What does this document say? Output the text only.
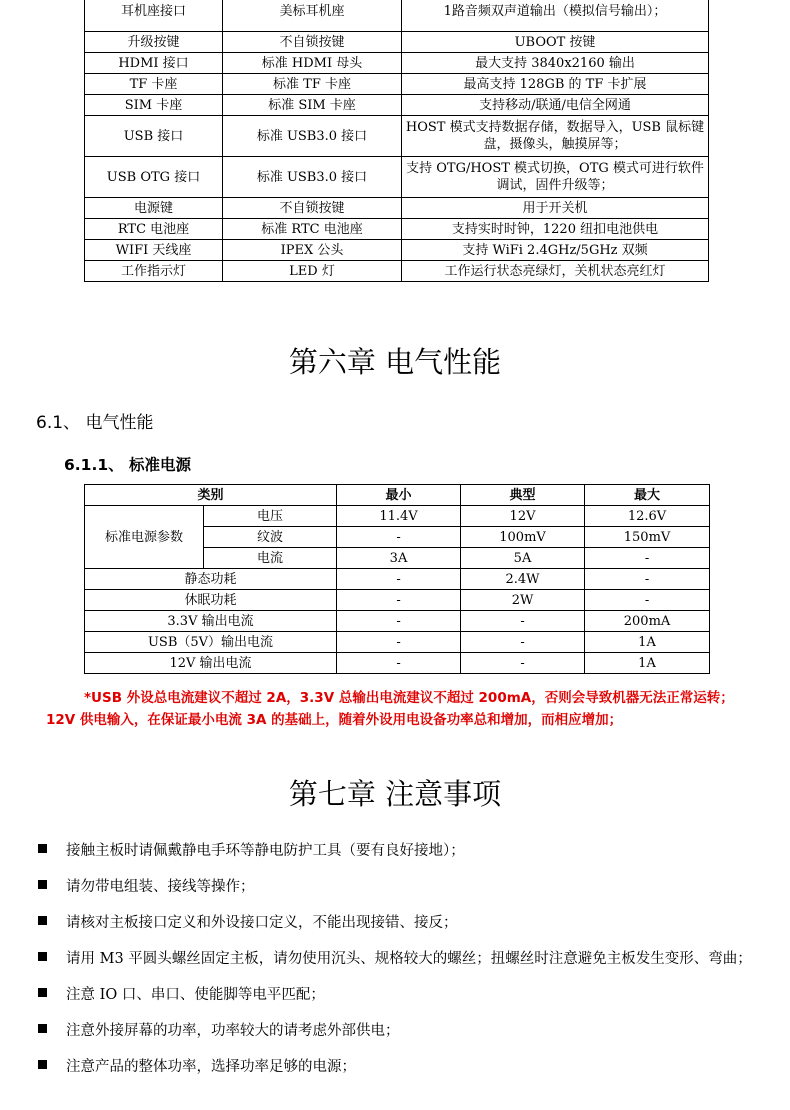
耳机座接口	美标耳机座	1路音频双声道输出（模拟信号输出）；
升级按键	不自锁按键	UBOOT 按键
HDMI 接口	标准 HDMI 母头	最大支持 3840x2160 输出
TF 卡座	标准 TF 卡座	最高支持 128GB 的 TF 卡扩展
SIM 卡座	标准 SIM 卡座	支持移动/联通/电信全网通
USB 接口	标准 USB3.0 接口	HOST 模式支持数据存储，数据导入，USB 鼠标键盘，摄像头，触摸屏等；
USB OTG 接口	标准 USB3.0 接口	支持 OTG/HOST 模式切换，OTG 模式可进行软件调试，固件升级等；
电源键	不自锁按键	用于开关机
RTC 电池座	标准 RTC 电池座	支持实时时钟，1220 纽扣电池供电
WIFI 天线座	IPEX 公头	支持 WiFi 2.4GHz/5GHz 双频
工作指示灯	LED 灯	工作运行状态亮绿灯，关机状态亮红灯
第六章 电气性能
6.1、 电气性能
6.1.1、 标准电源
类别		最小	典型	最大
标准电源参数	电压	11.4V	12V	12.6V
	纹波	-	100mV	150mV
	电流	3A	5A	-
静态功耗		-	2.4W	-
休眠功耗		-	2W	-
3.3V 输出电流		-	-	200mA
USB（5V）输出电流		-	-	1A
12V 输出电流		-	-	1A
*USB 外设总电流建议不超过 2A，3.3V 总输出电流建议不超过 200mA，否则会导致机器无法正常运转；12V 供电输入，在保证最小电流 3A 的基础上，随着外设用电设备功率总和增加，而相应增加；
第七章 注意事项
接触主板时请佩戴静电手环等静电防护工具（要有良好接地）；
请勿带电组装、接线等操作；
请核对主板接口定义和外设接口定义，不能出现接错、接反；
请用 M3 平圆头螺丝固定主板，请勿使用沉头、规格较大的螺丝；扭螺丝时注意避免主板发生变形、弯曲；
注意 IO 口、串口、使能脚等电平匹配；
注意外接屏幕的功率，功率较大的请考虑外部供电；
注意产品的整体功率，选择功率足够的电源；
